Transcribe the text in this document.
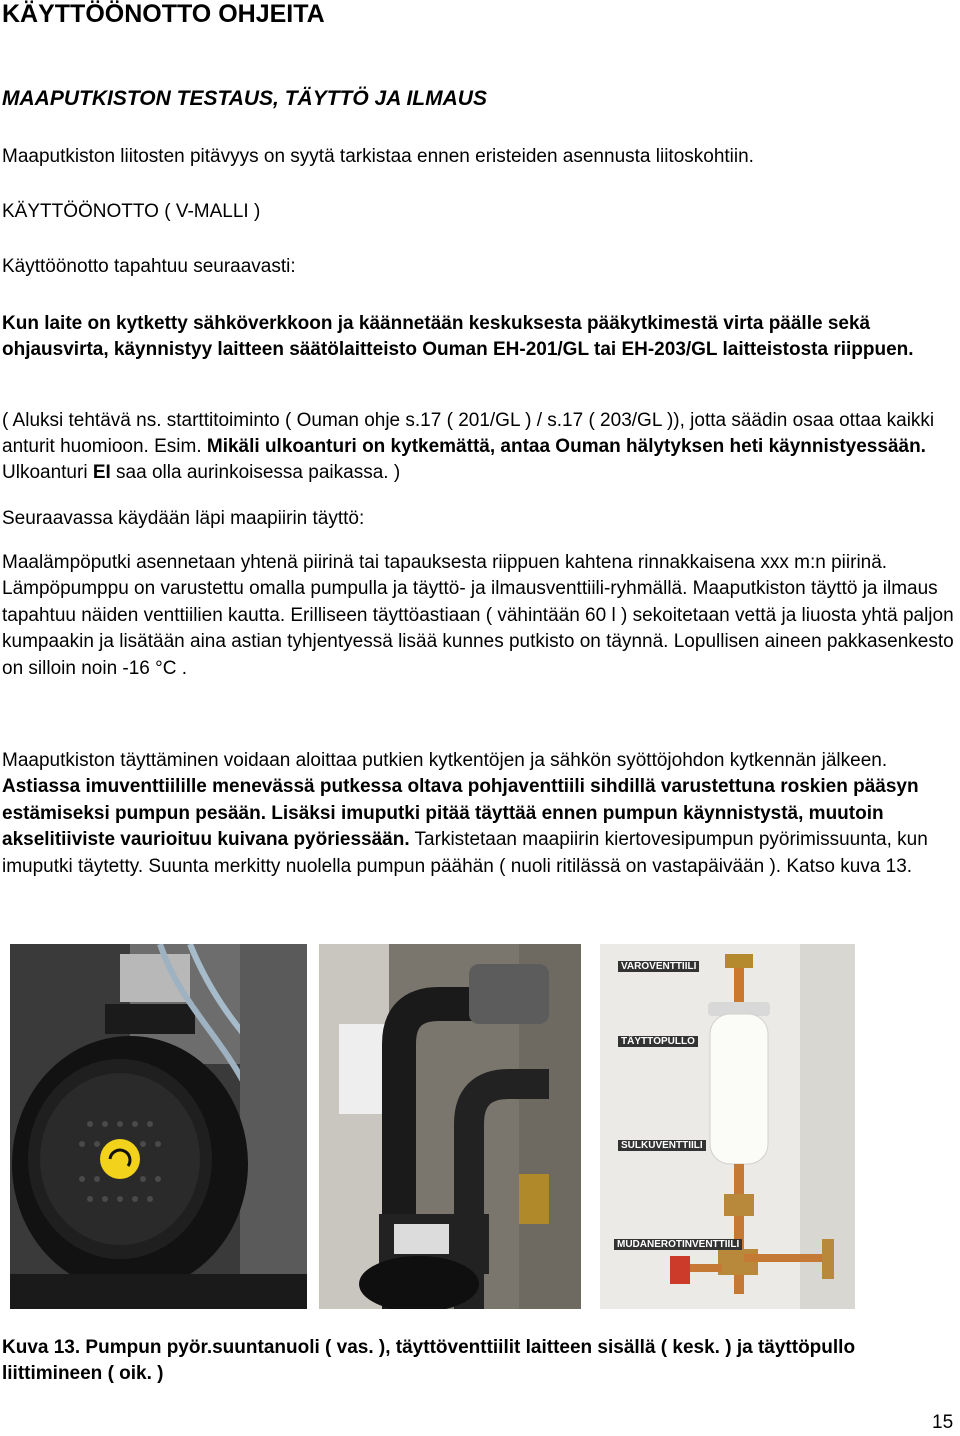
KÄYTTÖÖNOTTO OHJEITA
MAAPUTKISTON TESTAUS, TÄYTTÖ JA ILMAUS
Maaputkiston liitosten pitävyys on syytä tarkistaa ennen eristeiden asennusta liitoskohtiin.
KÄYTTÖÖNOTTO ( V-MALLI )
Käyttöönotto tapahtuu seuraavasti:
Kun laite on kytketty sähköverkkoon ja käännetään keskuksesta pääkytkimestä virta päälle sekä ohjausvirta, käynnistyy laitteen säätölaitteisto Ouman EH-201/GL tai EH-203/GL laitteistosta riippuen.
( Aluksi tehtävä ns. starttitoiminto ( Ouman ohje s.17 ( 201/GL ) / s.17 ( 203/GL )), jotta säädin osaa ottaa kaikki anturit huomioon. Esim. Mikäli ulkoanturi on kytkemättä, antaa Ouman hälytyksen heti käynnistyessään. Ulkoanturi EI saa olla aurinkoisessa paikassa. )
Seuraavassa käydään läpi maapiirin täyttö:
Maalämpöputki asennetaan yhtenä piirinä tai tapauksesta riippuen kahtena rinnakkaisena xxx m:n piirinä. Lämpöpumppu on varustettu omalla pumpulla ja täyttö- ja ilmausventtiili-ryhmällä. Maaputkiston täyttö ja ilmaus tapahtuu näiden venttiilien kautta. Erilliseen täyttöastiaan ( vähintään 60 l ) sekoitetaan vettä ja liuosta yhtä paljon kumpaakin ja lisätään aina astian tyhjentyessä lisää kunnes putkisto on täynnä. Lopullisen aineen pakkasenkesto on silloin noin -16 °C .
Maaputkiston täyttäminen voidaan aloittaa putkien kytkentöjen ja sähkön syöttöjohdon kytkennän jälkeen. Astiassa imuventtiilille menevässä putkessa oltava pohjaventtiili sihdillä varustettuna roskien pääsyn estämiseksi pumpun pesään. Lisäksi imuputki pitää täyttää ennen pumpun käynnistystä, muutoin akselitiiviste vaurioituu kuivana pyöriessään. Tarkistetaan maapiirin kiertovesipumpun pyörimissuunta, kun imuputki täytetty. Suunta merkitty nuolella pumpun päähän ( nuoli ritilässä on vastapäivään ). Katso kuva 13.
VAROVENTTIILI
TÄYTTÖPULLO
SULKUVENTTIILI
MUDANEROTINVENTTIILI
Kuva 13. Pumpun pyör.suuntanuoli ( vas. ), täyttöventtiilit laitteen sisällä ( kesk. ) ja täyttöpullo liittimineen ( oik. )
15
